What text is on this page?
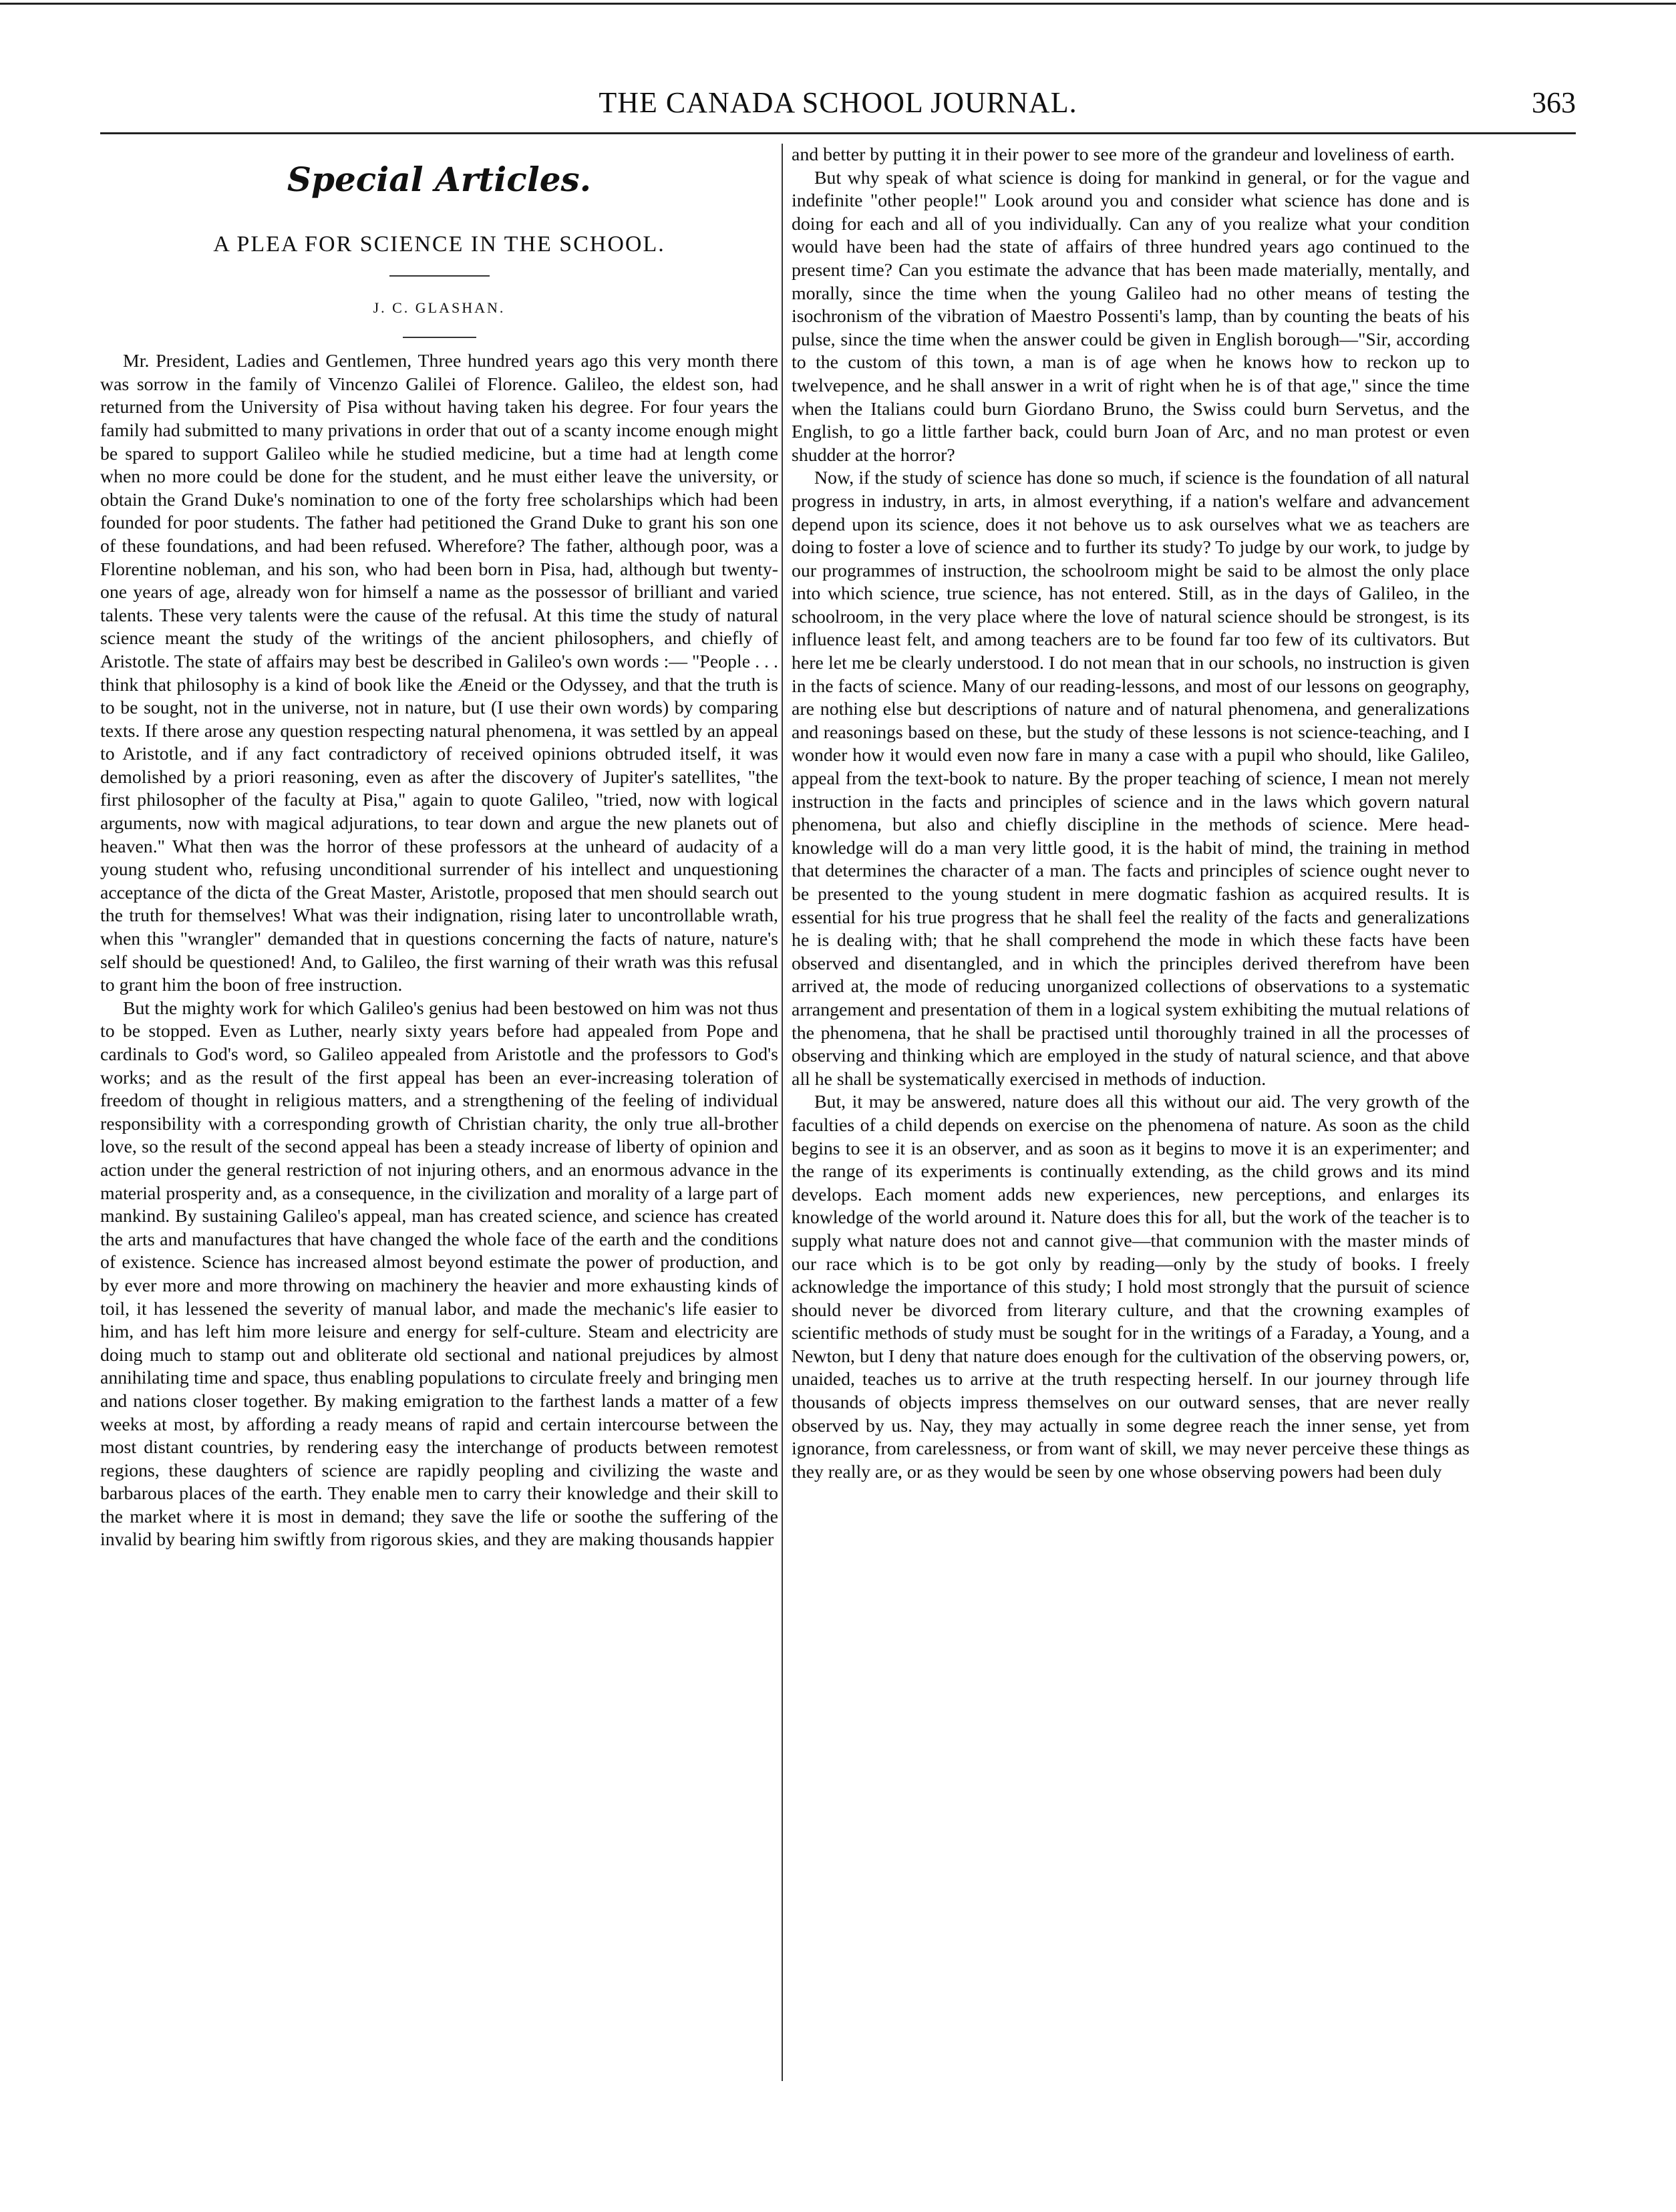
THE CANADA SCHOOL JOURNAL.	363
Special Articles.
A PLEA FOR SCIENCE IN THE SCHOOL.
J. C. GLASHAN.

Mr. President, Ladies and Gentlemen, Three hundred years ago this very month there was sorrow in the family of Vincenzo Galilei of Florence. Galileo, the eldest son, had returned from the University of Pisa without having taken his degree. For four years the family had submitted to many privations in order that out of a scanty income enough might be spared to support Galileo while he studied medicine, but a time had at length come when no more could be done for the student, and he must either leave the university, or obtain the Grand Duke's nomination to one of the forty free scholarships which had been founded for poor students. The father had petitioned the Grand Duke to grant his son one of these foundations, and had been refused. Wherefore? The father, although poor, was a Florentine nobleman, and his son, who had been born in Pisa, had, although but twenty-one years of age, already won for himself a name as the possessor of brilliant and varied talents. These very talents were the cause of the refusal. At this time the study of natural science meant the study of the writings of the ancient philosophers, and chiefly of Aristotle. The state of affairs may best be described in Galileo's own words :— "People . . . think that philosophy is a kind of book like the Æneid or the Odyssey, and that the truth is to be sought, not in the universe, not in nature, but (I use their own words) by comparing texts. If there arose any question respecting natural phenomena, it was settled by an appeal to Aristotle, and if any fact contradictory of received opinions obtruded itself, it was demolished by a priori reasoning, even as after the discovery of Jupiter's satellites, "the first philosopher of the faculty at Pisa," again to quote Galileo, "tried, now with logical arguments, now with magical adjurations, to tear down and argue the new planets out of heaven." What then was the horror of these professors at the unheard of audacity of a young student who, refusing unconditional surrender of his intellect and unquestioning acceptance of the dicta of the Great Master, Aristotle, proposed that men should search out the truth for themselves! What was their indignation, rising later to uncontrollable wrath, when this "wrangler" demanded that in questions concerning the facts of nature, nature's self should be questioned! And, to Galileo, the first warning of their wrath was this refusal to grant him the boon of free instruction.

But the mighty work for which Galileo's genius had been bestowed on him was not thus to be stopped. Even as Luther, nearly sixty years before had appealed from Pope and cardinals to God's word, so Galileo appealed from Aristotle and the professors to God's works; and as the result of the first appeal has been an ever-increasing toleration of freedom of thought in religious matters, and a strengthening of the feeling of individual responsibility with a corresponding growth of Christian charity, the only true all-brother love, so the result of the second appeal has been a steady increase of liberty of opinion and action under the general restriction of not injuring others, and an enormous advance in the material prosperity and, as a consequence, in the civilization and morality of a large part of mankind. By sustaining Galileo's appeal, man has created science, and science has created the arts and manufactures that have changed the whole face of the earth and the conditions of existence. Science has increased almost beyond estimate the power of production, and by ever more and more throwing on machinery the heavier and more exhausting kinds of toil, it has lessened the severity of manual labor, and made the mechanic's life easier to him, and has left him more leisure and energy for self-culture. Steam and electricity are doing much to stamp out and obliterate old sectional and national prejudices by almost annihilating time and space, thus enabling populations to circulate freely and bringing men and nations closer together. By making emigration to the farthest lands a matter of a few weeks at most, by affording a ready means of rapid and certain intercourse between the most distant countries, by rendering easy the interchange of products between remotest regions, these daughters of science are rapidly peopling and civilizing the waste and barbarous places of the earth. They enable men to carry their knowledge and their skill to the market where it is most in demand; they save the life or soothe the suffering of the invalid by bearing him swiftly from rigorous skies, and they are making thousands happier

and better by putting it in their power to see more of the grandeur and loveliness of earth.

But why speak of what science is doing for mankind in general, or for the vague and indefinite "other people!" Look around you and consider what science has done and is doing for each and all of you individually. Can any of you realize what your condition would have been had the state of affairs of three hundred years ago continued to the present time? Can you estimate the advance that has been made materially, mentally, and morally, since the time when the young Galileo had no other means of testing the isochronism of the vibration of Maestro Possenti's lamp, than by counting the beats of his pulse, since the time when the answer could be given in English borough—"Sir, according to the custom of this town, a man is of age when he knows how to reckon up to twelvepence, and he shall answer in a writ of right when he is of that age," since the time when the Italians could burn Giordano Bruno, the Swiss could burn Servetus, and the English, to go a little farther back, could burn Joan of Arc, and no man protest or even shudder at the horror?

Now, if the study of science has done so much, if science is the foundation of all natural progress in industry, in arts, in almost everything, if a nation's welfare and advancement depend upon its science, does it not behove us to ask ourselves what we as teachers are doing to foster a love of science and to further its study? To judge by our work, to judge by our programmes of instruction, the schoolroom might be said to be almost the only place into which science, true science, has not entered. Still, as in the days of Galileo, in the schoolroom, in the very place where the love of natural science should be strongest, is its influence least felt, and among teachers are to be found far too few of its cultivators. But here let me be clearly understood. I do not mean that in our schools, no instruction is given in the facts of science. Many of our reading-lessons, and most of our lessons on geography, are nothing else but descriptions of nature and of natural phenomena, and generalizations and reasonings based on these, but the study of these lessons is not science-teaching, and I wonder how it would even now fare in many a case with a pupil who should, like Galileo, appeal from the text-book to nature. By the proper teaching of science, I mean not merely instruction in the facts and principles of science and in the laws which govern natural phenomena, but also and chiefly discipline in the methods of science. Mere head-knowledge will do a man very little good, it is the habit of mind, the training in method that determines the character of a man. The facts and principles of science ought never to be presented to the young student in mere dogmatic fashion as acquired results. It is essential for his true progress that he shall feel the reality of the facts and generalizations he is dealing with; that he shall comprehend the mode in which these facts have been observed and disentangled, and in which the principles derived therefrom have been arrived at, the mode of reducing unorganized collections of observations to a systematic arrangement and presentation of them in a logical system exhibiting the mutual relations of the phenomena, that he shall be practised until thoroughly trained in all the processes of observing and thinking which are employed in the study of natural science, and that above all he shall be systematically exercised in methods of induction.

But, it may be answered, nature does all this without our aid. The very growth of the faculties of a child depends on exercise on the phenomena of nature. As soon as the child begins to see it is an observer, and as soon as it begins to move it is an experimenter; and the range of its experiments is continually extending, as the child grows and its mind develops. Each moment adds new experiences, new perceptions, and enlarges its knowledge of the world around it. Nature does this for all, but the work of the teacher is to supply what nature does not and cannot give—that communion with the master minds of our race which is to be got only by reading—only by the study of books. I freely acknowledge the importance of this study; I hold most strongly that the pursuit of science should never be divorced from literary culture, and that the crowning examples of scientific methods of study must be sought for in the writings of a Faraday, a Young, and a Newton, but I deny that nature does enough for the cultivation of the observing powers, or, unaided, teaches us to arrive at the truth respecting herself. In our journey through life thousands of objects impress themselves on our outward senses, that are never really observed by us. Nay, they may actually in some degree reach the inner sense, yet from ignorance, from carelessness, or from want of skill, we may never perceive these things as they really are, or as they would be seen by one whose observing powers had been duly
